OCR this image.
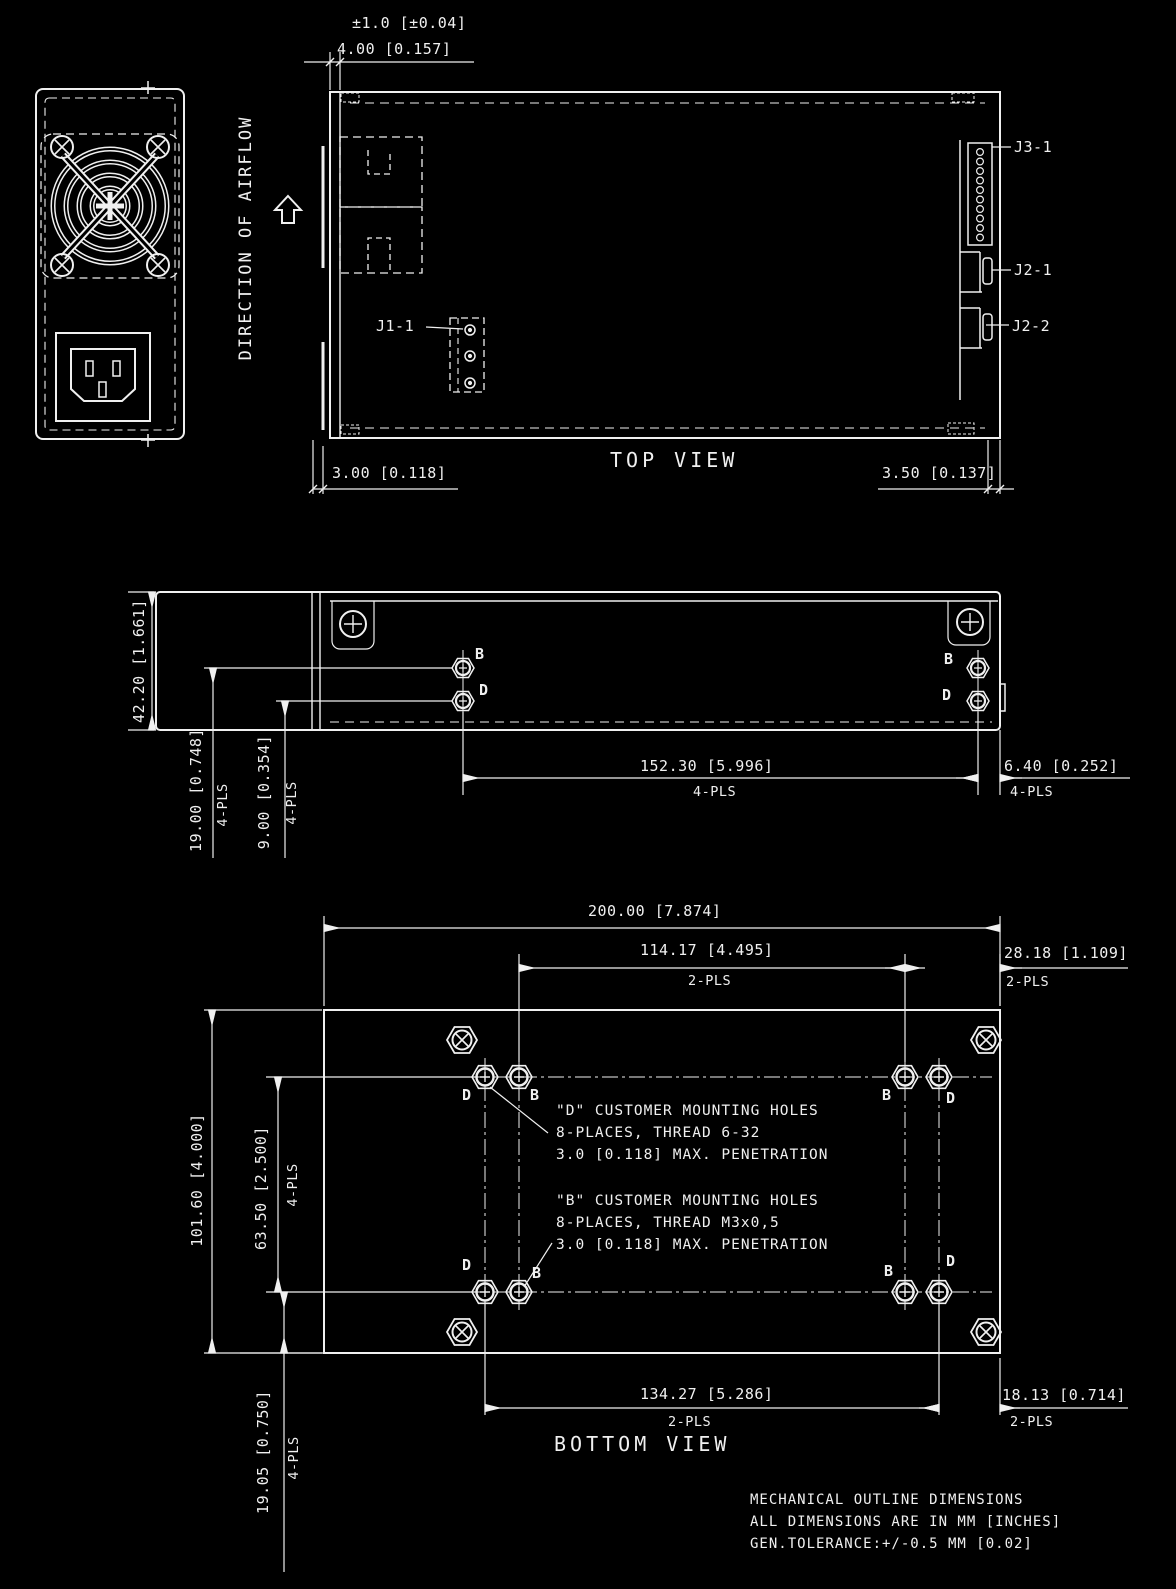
±1.0 [±0.04]
4.00 [0.157]
DIRECTION OF AIRFLOW	J1-1
J3-1
J2-1
J2-2
3.00 [0.118]
TOP VIEW
3.50 [0.137]
42.20 [1.661]
19.00 [0.748] 4-PLS 9.00 [0.354] 4-PLS
B
D
B
D
152.30 [5.996]
4-PLS
6.40 [0.252]
4-PLS
200.00 [7.874]
114.17 [4.495]
2-PLS
28.18 [1.109]
2-PLS
101.60 [4.000]	63.50 [2.500] 4-PLS
D	B	B	D
D	B	B
D
"D" CUSTOMER MOUNTING HOLES
8-PLACES, THREAD 6-32
3.0 [0.118] MAX. PENETRATION
"B" CUSTOMER MOUNTING HOLES
8-PLACES, THREAD M3x0,5
3.0 [0.118] MAX. PENETRATION
134.27 [5.286]
2-PLS
18.13 [0.714]
2-PLS
19.05 [0.750] 4-PLS	BOTTOM VIEW
MECHANICAL OUTLINE DIMENSIONS
ALL DIMENSIONS ARE IN MM [INCHES]
GEN.TOLERANCE:+/-0.5 MM [0.02]
